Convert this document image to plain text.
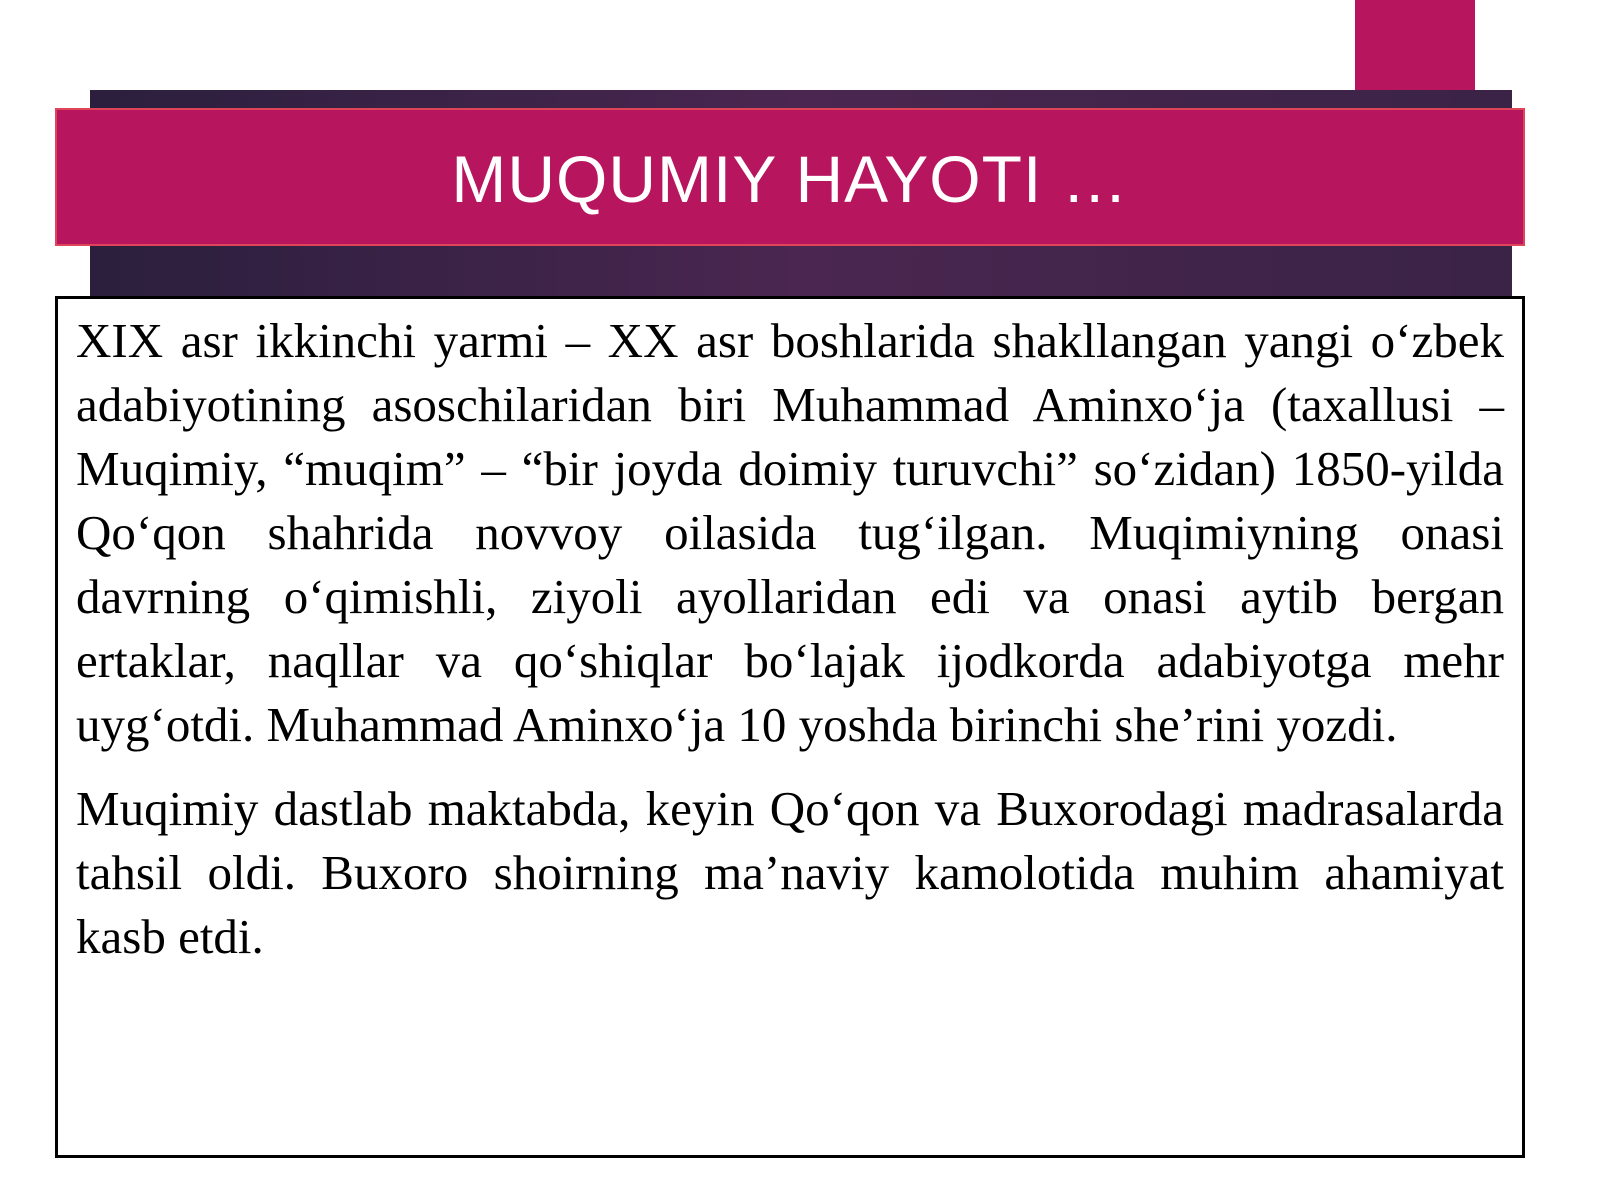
MUQUMIY HAYOTI …

XIX asr ikkinchi yarmi – XX asr boshlarida shakllangan yangi o‘zbek adabiyotining asoschilaridan biri Muhammad Aminxo‘ja (taxallusi – Muqimiy, “muqim” – “bir joyda doimiy turuvchi” so‘zidan) 1850-yilda Qo‘qon shahrida novvoy oilasida tug‘ilgan. Muqimiyning onasi davrning o‘qimishli, ziyoli ayollaridan edi va onasi aytib bergan ertaklar, naqllar va qo‘shiqlar bo‘lajak ijodkorda adabiyotga mehr uyg‘otdi. Muhammad Aminxo‘ja 10 yoshda birinchi she’rini yozdi.

Muqimiy dastlab maktabda, keyin Qo‘qon va Buxorodagi madrasalarda tahsil oldi. Buxoro shoirning ma’naviy kamolotida muhim ahamiyat kasb etdi.
